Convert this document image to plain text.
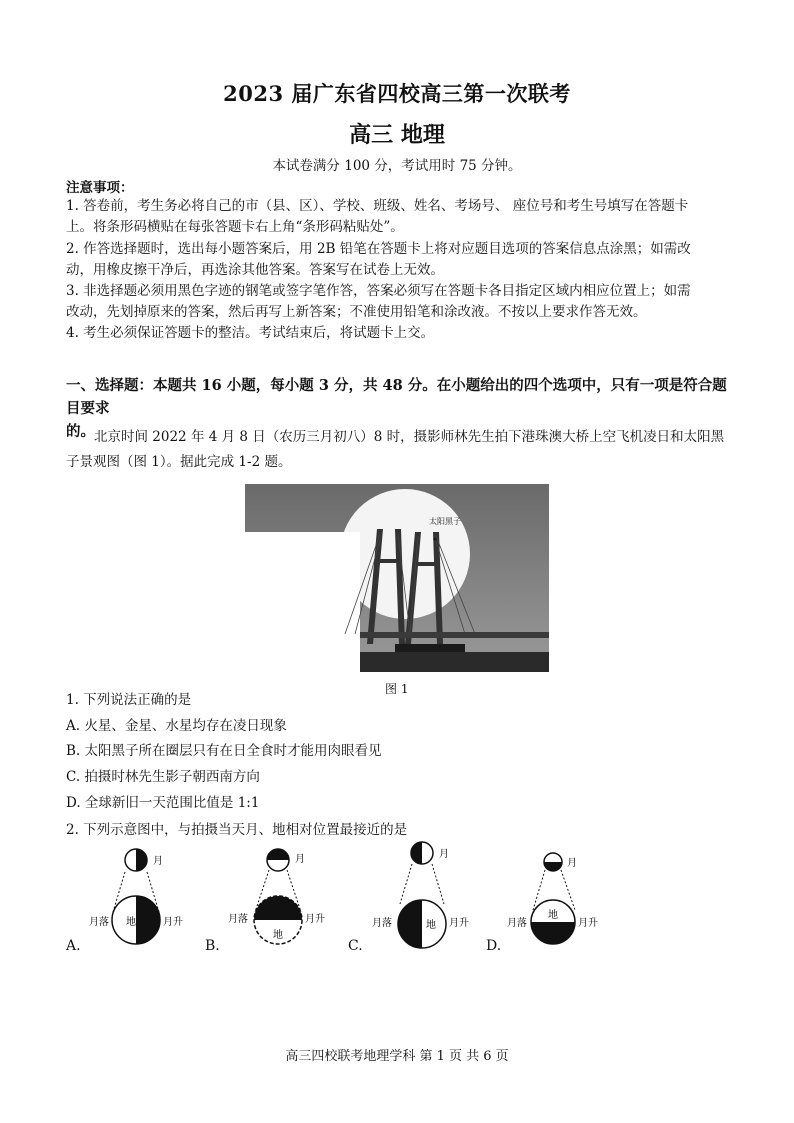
2023 届广东省四校高三第一次联考
高三 地理
本试卷满分 100 分，考试用时 75 分钟。
注意事项：
1. 答卷前，考生务必将自己的市（县、区）、学校、班级、姓名、考场号、 座位号和考生号填写在答题卡
上。将条形码横贴在每张答题卡右上角“条形码粘贴处”。
2. 作答选择题时，选出每小题答案后，用 2B 铅笔在答题卡上将对应题目选项的答案信息点涂黑；如需改
动，用橡皮擦干净后，再选涂其他答案。答案写在试卷上无效。
3. 非选择题必须用黑色字迹的钢笔或签字笔作答，答案必须写在答题卡各目指定区域内相应位置上；如需
改动，先划掉原来的答案，然后再写上新答案；不准使用铅笔和涂改液。不按以上要求作答无效。
4. 考生必须保证答题卡的整洁。考试结束后，将试题卡上交。
一、选择题：本题共 16 小题，每小题 3 分，共 48 分。在小题给出的四个选项中，只有一项是符合题目要求
的。 北京时间 2022 年 4 月 8 日（农历三月初八）8 时，摄影师林先生拍下港珠澳大桥上空飞机凌日和太阳黑
子景观图（图 1）。据此完成 1-2 题。
太阳黑子
图 1
1. 下列说法正确的是
A. 火星、金星、水星均存在凌日现象
B. 太阳黑子所在圈层只有在日全食时才能用肉眼看见
C. 拍摄时林先生影子朝西南方向
D. 全球新旧一天范围比值是 1:1
2. 下列示意图中，与拍摄当天月、地相对位置最接近的是
A.
月
地
月落	月升
B.
月
地
月落	月升
C.
月
地
月落	月升
D.
月
地
月落	月升
高三四校联考地理学科 第 1 页 共 6 页
